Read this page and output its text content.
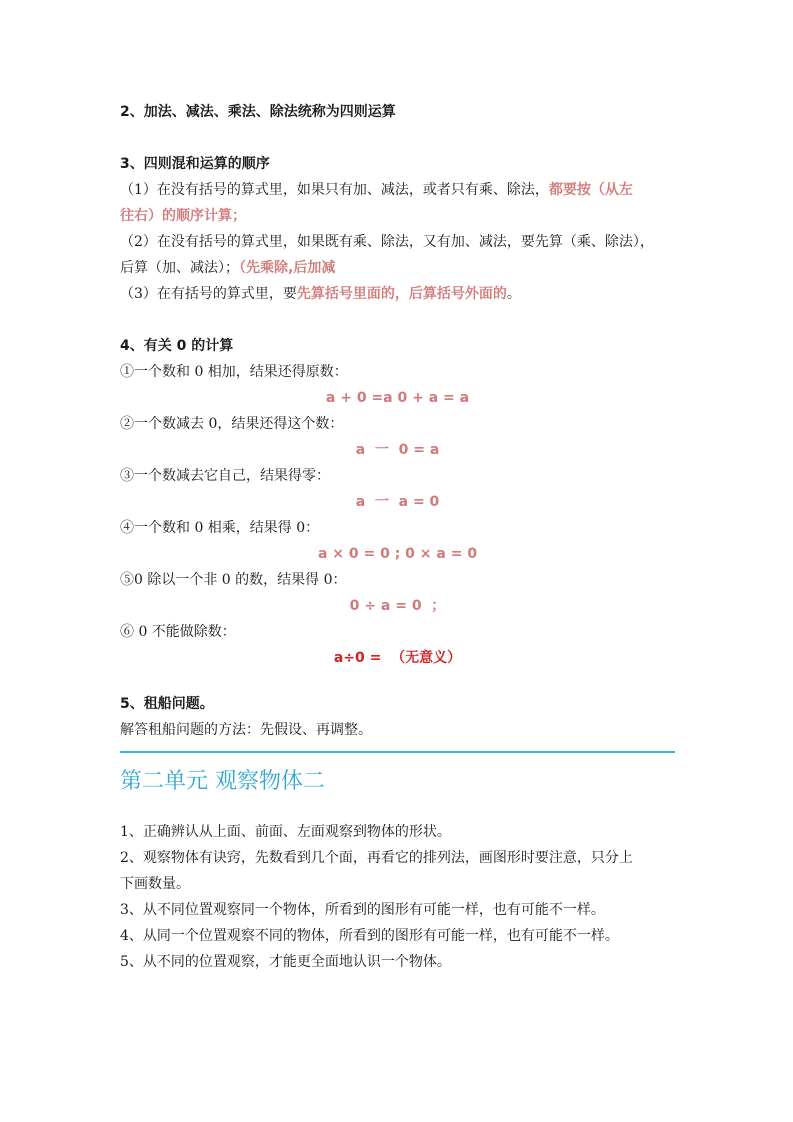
2、加法、减法、乘法、除法统称为四则运算
3、四则混和运算的顺序
（1）在没有括号的算式里，如果只有加、减法，或者只有乘、除法，都要按（从左
往右）的顺序计算；
（2）在没有括号的算式里，如果既有乘、除法，又有加、减法，要先算（乘、除法），
后算（加、减法）；（先乘除,后加减
（3）在有括号的算式里，要先算括号里面的，后算括号外面的。
4、有关 0 的计算
①一个数和 0 相加，结果还得原数：
a + 0 =a 0 + a = a
②一个数减去 0，结果还得这个数：
a  一  0 = a
③一个数减去它自己，结果得零：
a  一  a = 0
④一个数和 0 相乘，结果得 0：
a × 0 = 0 ; 0 × a = 0
⑤0 除以一个非 0 的数，结果得 0：
0 ÷ a = 0  ；
⑥ 0 不能做除数：
a÷0 =  （无意义）
5、租船问题。
解答租船问题的方法：先假设、再调整。
第二单元 观察物体二
1、正确辨认从上面、前面、左面观察到物体的形状。
2、观察物体有诀窍，先数看到几个面，再看它的排列法，画图形时要注意，只分上
下画数量。
3、从不同位置观察同一个物体，所看到的图形有可能一样，也有可能不一样。
4、从同一个位置观察不同的物体，所看到的图形有可能一样，也有可能不一样。
5、从不同的位置观察，才能更全面地认识一个物体。
